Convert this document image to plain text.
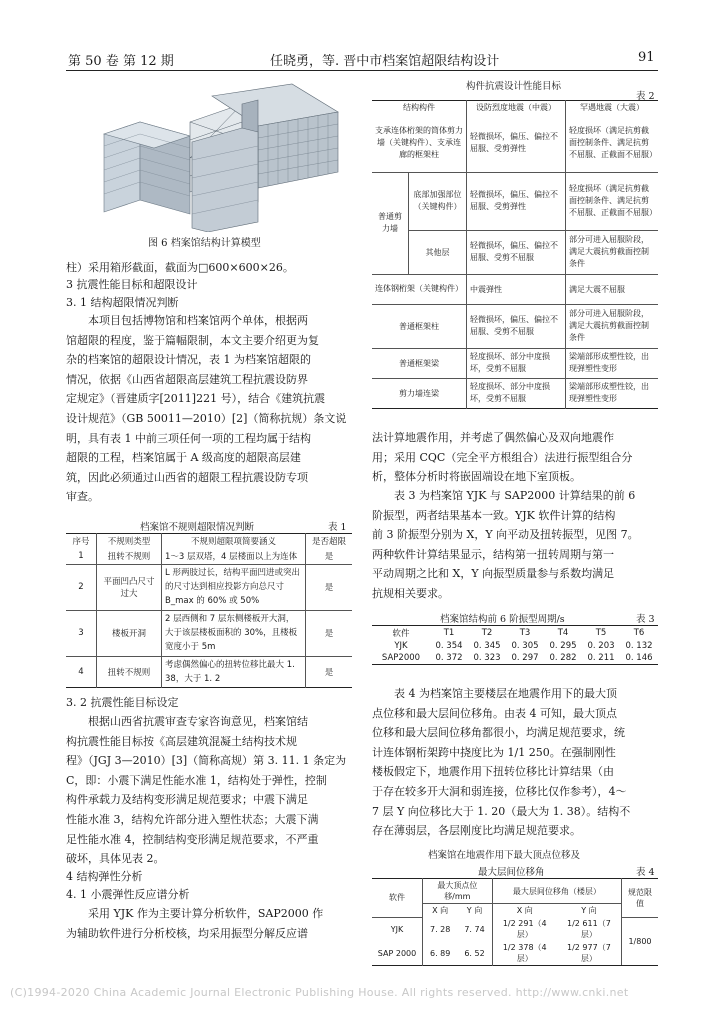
第 50 卷 第 12 期	任晓勇，等. 晋中市档案馆超限结构设计	91
图 6 档案馆结构计算模型
柱）采用箱形截面，截面为□600×600×26。
3 抗震性能目标和超限设计
3. 1 结构超限情况判断
本项目包括博物馆和档案馆两个单体，根据两
馆超限的程度，鉴于篇幅限制，本文主要介绍更为复
杂的档案馆的超限设计情况，表 1 为档案馆超限的
情况，依据《山西省超限高层建筑工程抗震设防界
定规定》（晋建质字[2011]221 号），结合《建筑抗震
设计规范》（GB 50011—2010）[2]（简称抗规）条文说
明，具有表 1 中前三项任何一项的工程均属于结构
超限的工程，档案馆属于 A 级高度的超限高层建
筑，因此必须通过山西省的超限工程抗震设防专项
审查。
档案馆不规则超限情况判断	表 1
序号	不规则类型	不规则超限项简要涵义	是否超限
1	扭转不规则	1～3 层双塔，4 层楼面以上为连体	是
2	平面凹凸尺寸过大	L 形两肢过长，结构平面凹进或突出的尺寸达到相应投影方向总尺寸 B_max 的 60% 或 50%	是
3	楼板开洞	2 层西侧和 7 层东侧楼板开大洞，大于该层楼板面积的 30%，且楼板宽度小于 5m	是
4	扭转不规则	考虑偶然偏心的扭转位移比最大 1. 38，大于 1. 2	是
3. 2 抗震性能目标设定
根据山西省抗震审查专家咨询意见，档案馆结
构抗震性能目标按《高层建筑混凝土结构技术规
程》（JGJ 3—2010）[3]（简称高规）第 3. 11. 1 条定为
C，即：小震下满足性能水准 1，结构处于弹性，控制
构件承载力及结构变形满足规范要求；中震下满足
性能水准 3，结构允许部分进入塑性状态；大震下满
足性能水准 4，控制结构变形满足规范要求，不严重
破坏，具体见表 2。
4 结构弹性分析
4. 1 小震弹性反应谱分析
采用 YJK 作为主要计算分析软件，SAP2000 作
为辅助软件进行分析校核，均采用振型分解反应谱
构件抗震设计性能目标
表 2
结构构件		设防烈度地震（中震）	罕遇地震（大震）
支承连体桁架的筒体剪力墙（关键构件）、支承连廊的框架柱		轻微损坏，偏压、偏拉不屈服、受剪弹性	轻度损坏（满足抗剪截面控制条件、满足抗剪不屈服、正截面不屈服）
普通剪力墙	底部加强部位（关键构件）	轻微损坏，偏压、偏拉不屈服、受剪弹性	轻度损坏（满足抗剪截面控制条件、满足抗剪不屈服、正截面不屈服）
	其他层	轻微损坏，偏压、偏拉不屈服、受剪不屈服	部分可进入屈服阶段，满足大震抗剪截面控制条件
连体钢桁架（关键构件）		中震弹性	满足大震不屈服
普通框架柱		轻微损坏，偏压、偏拉不屈服、受剪不屈服	部分可进入屈服阶段，满足大震抗剪截面控制条件
普通框架梁		轻度损坏、部分中度损坏，受剪不屈服	梁端部形成塑性铰，出现弹塑性变形
剪力墙连梁		轻度损坏、部分中度损坏，受剪不屈服	梁端部形成塑性铰，出现弹塑性变形
法计算地震作用，并考虑了偶然偏心及双向地震作
用；采用 CQC（完全平方根组合）法进行振型组合分
析，整体分析时将嵌固端设在地下室顶板。
表 3 为档案馆 YJK 与 SAP2000 计算结果的前 6
阶振型，两者结果基本一致。YJK 软件计算的结构
前 3 阶振型分别为 X，Y 向平动及扭转振型，见图 7。
两种软件计算结果显示，结构第一扭转周期与第一
平动周期之比和 X，Y 向振型质量参与系数均满足
抗规相关要求。
档案馆结构前 6 阶振型周期/s	表 3
软件	T1	T2	T3	T4	T5	T6
YJK	0. 354	0. 345	0. 305	0. 295	0. 203	0. 132
SAP2000	0. 372	0. 323	0. 297	0. 282	0. 211	0. 146
表 4 为档案馆主要楼层在地震作用下的最大顶
点位移和最大层间位移角。由表 4 可知，最大顶点
位移和最大层间位移角都很小，均满足规范要求，统
计连体钢桁架跨中挠度比为 1/1 250。在强制刚性
楼板假定下，地震作用下扭转位移比计算结果（由
于存在较多开大洞和弱连接，位移比仅作参考），4～
7 层 Y 向位移比大于 1. 20（最大为 1. 38）。结构不
存在薄弱层，各层刚度比均满足规范要求。
档案馆在地震作用下最大顶点位移及
最大层间位移角	表 4
软件	最大顶点位移/mm		最大层间位移角（楼层）		规范限值
	X 向	Y 向	X 向	Y 向	
YJK	7. 28	7. 74	1/2 291（4 层）	1/2 611（7 层）	1/800
SAP 2000	6. 89	6. 52	1/2 378（4 层）	1/2 977（7 层）	
(C)1994-2020 China Academic Journal Electronic Publishing House. All rights reserved. http://www.cnki.net
